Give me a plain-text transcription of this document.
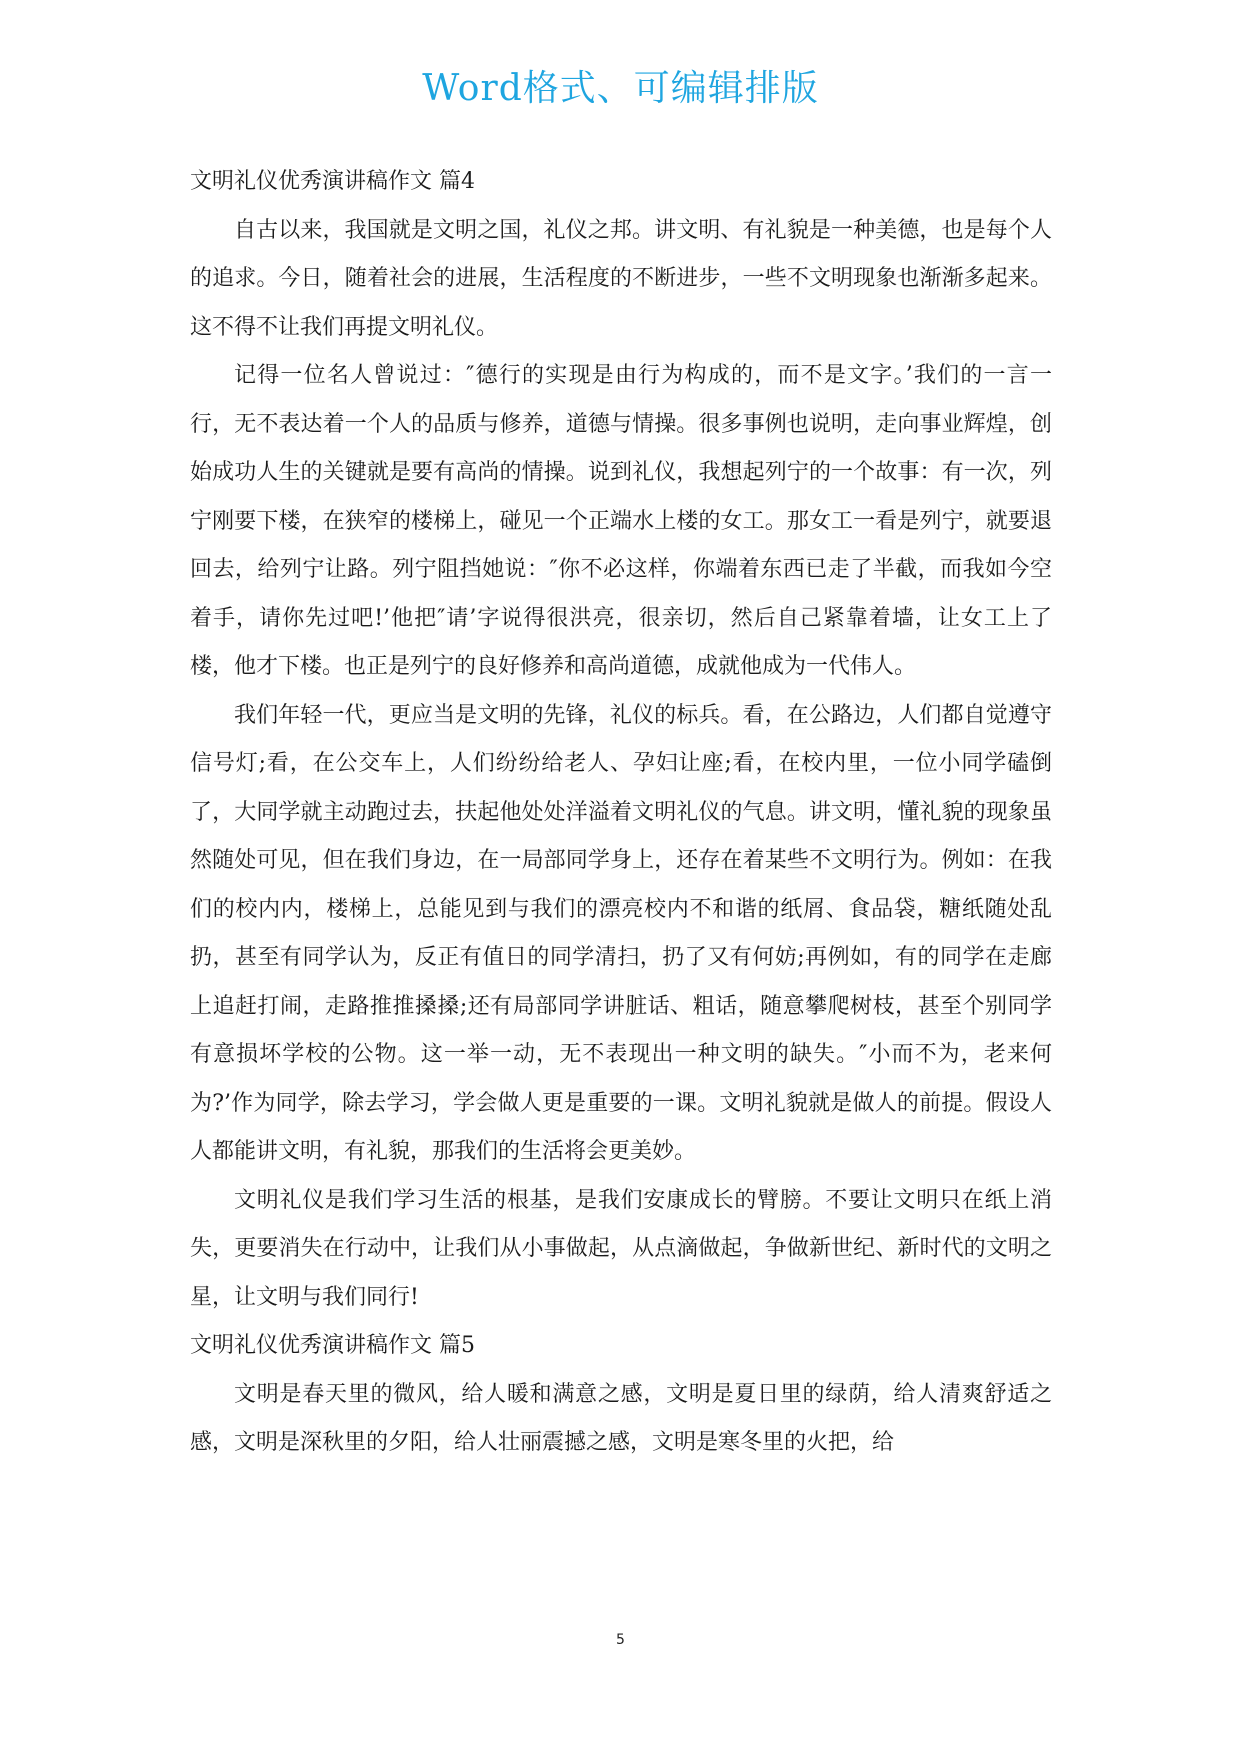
Word格式、可编辑排版
文明礼仪优秀演讲稿作文 篇4

自古以来，我国就是文明之国，礼仪之邦。讲文明、有礼貌是一种美德，也是每个人的追求。今日，随着社会的进展，生活程度的不断进步，一些不文明现象也渐渐多起来。这不得不让我们再提文明礼仪。

记得一位名人曾说过：″德行的实现是由行为构成的，而不是文字。’我们的一言一行，无不表达着一个人的品质与修养，道德与情操。很多事例也说明，走向事业辉煌，创始成功人生的关键就是要有高尚的情操。说到礼仪，我想起列宁的一个故事：有一次，列宁刚要下楼，在狭窄的楼梯上，碰见一个正端水上楼的女工。那女工一看是列宁，就要退回去，给列宁让路。列宁阻挡她说：″你不必这样，你端着东西已走了半截，而我如今空着手，请你先过吧!’他把″请’字说得很洪亮，很亲切，然后自己紧靠着墙，让女工上了楼，他才下楼。也正是列宁的良好修养和高尚道德，成就他成为一代伟人。

我们年轻一代，更应当是文明的先锋，礼仪的标兵。看，在公路边，人们都自觉遵守信号灯;看，在公交车上，人们纷纷给老人、孕妇让座;看，在校内里，一位小同学磕倒了，大同学就主动跑过去，扶起他处处洋溢着文明礼仪的气息。讲文明，懂礼貌的现象虽然随处可见，但在我们身边，在一局部同学身上，还存在着某些不文明行为。例如：在我们的校内内，楼梯上，总能见到与我们的漂亮校内不和谐的纸屑、食品袋，糖纸随处乱扔，甚至有同学认为，反正有值日的同学清扫，扔了又有何妨;再例如，有的同学在走廊上追赶打闹，走路推推搡搡;还有局部同学讲脏话、粗话，随意攀爬树枝，甚至个别同学有意损坏学校的公物。这一举一动，无不表现出一种文明的缺失。″小而不为，老来何为?’作为同学，除去学习，学会做人更是重要的一课。文明礼貌就是做人的前提。假设人人都能讲文明，有礼貌，那我们的生活将会更美妙。

文明礼仪是我们学习生活的根基，是我们安康成长的臂膀。不要让文明只在纸上消失，更要消失在行动中，让我们从小事做起，从点滴做起，争做新世纪、新时代的文明之星，让文明与我们同行!

文明礼仪优秀演讲稿作文 篇5

文明是春天里的微风，给人暖和满意之感，文明是夏日里的绿荫，给人清爽舒适之感，文明是深秋里的夕阳，给人壮丽震撼之感，文明是寒冬里的火把，给

5
